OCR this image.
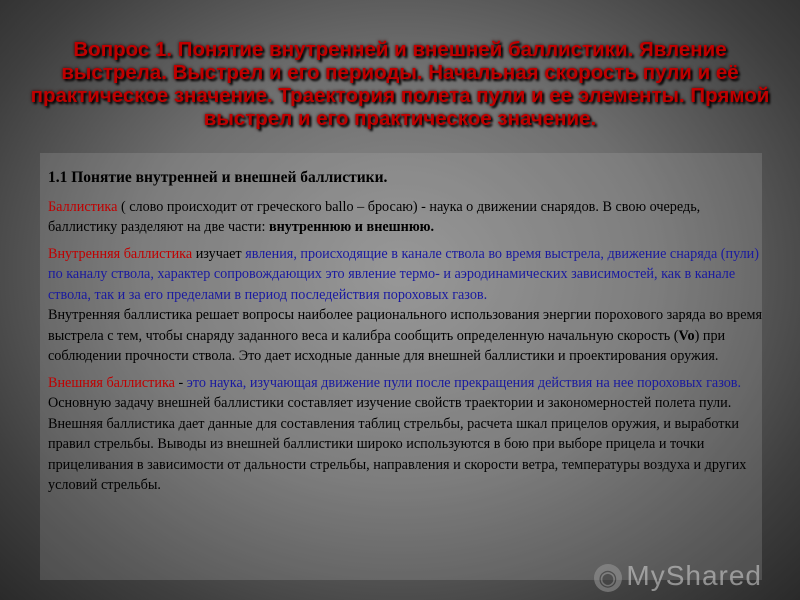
Вопрос 1. Понятие внутренней и внешней баллистики. Явление выстрела. Выстрел и его периоды. Начальная скорость пули и её практическое значение. Траектория полета пули и ее элементы. Прямой выстрел и его практическое значение.

1.1 Понятие внутренней и внешней баллистики.

Баллистика ( слово происходит от греческого ballo – бросаю) - наука о движении снарядов. В свою очередь, баллистику разделяют на две части: внутреннюю и внешнюю.

Внутренняя баллистика изучает явления, происходящие в канале ствола во время выстрела, движение снаряда (пули) по каналу ствола, характер сопровождающих это явление термо- и аэродинамических зависимостей, как в канале ствола, так и за его пределами в период последействия пороховых газов.

Внутренняя баллистика решает вопросы наиболее рационального использования энергии порохового заряда во время выстрела с тем, чтобы снаряду заданного веса и калибра сообщить определенную начальную скорость (Vo) при соблюдении прочности ствола. Это дает исходные данные для внешней баллистики и проектирования оружия.

Внешняя баллистика - это наука, изучающая движение пули после прекращения действия на нее пороховых газов. Основную задачу внешней баллистики составляет изучение свойств траектории и закономерностей полета пули. Внешняя баллистика дает данные для составления таблиц стрельбы, расчета шкал прицелов оружия, и выработки правил стрельбы. Выводы из внешней баллистики широко используются в бою при выборе прицела и точки прицеливания в зависимости от дальности стрельбы, направления и скорости ветра, температуры воздуха и других условий стрельбы.

◉ MyShared
